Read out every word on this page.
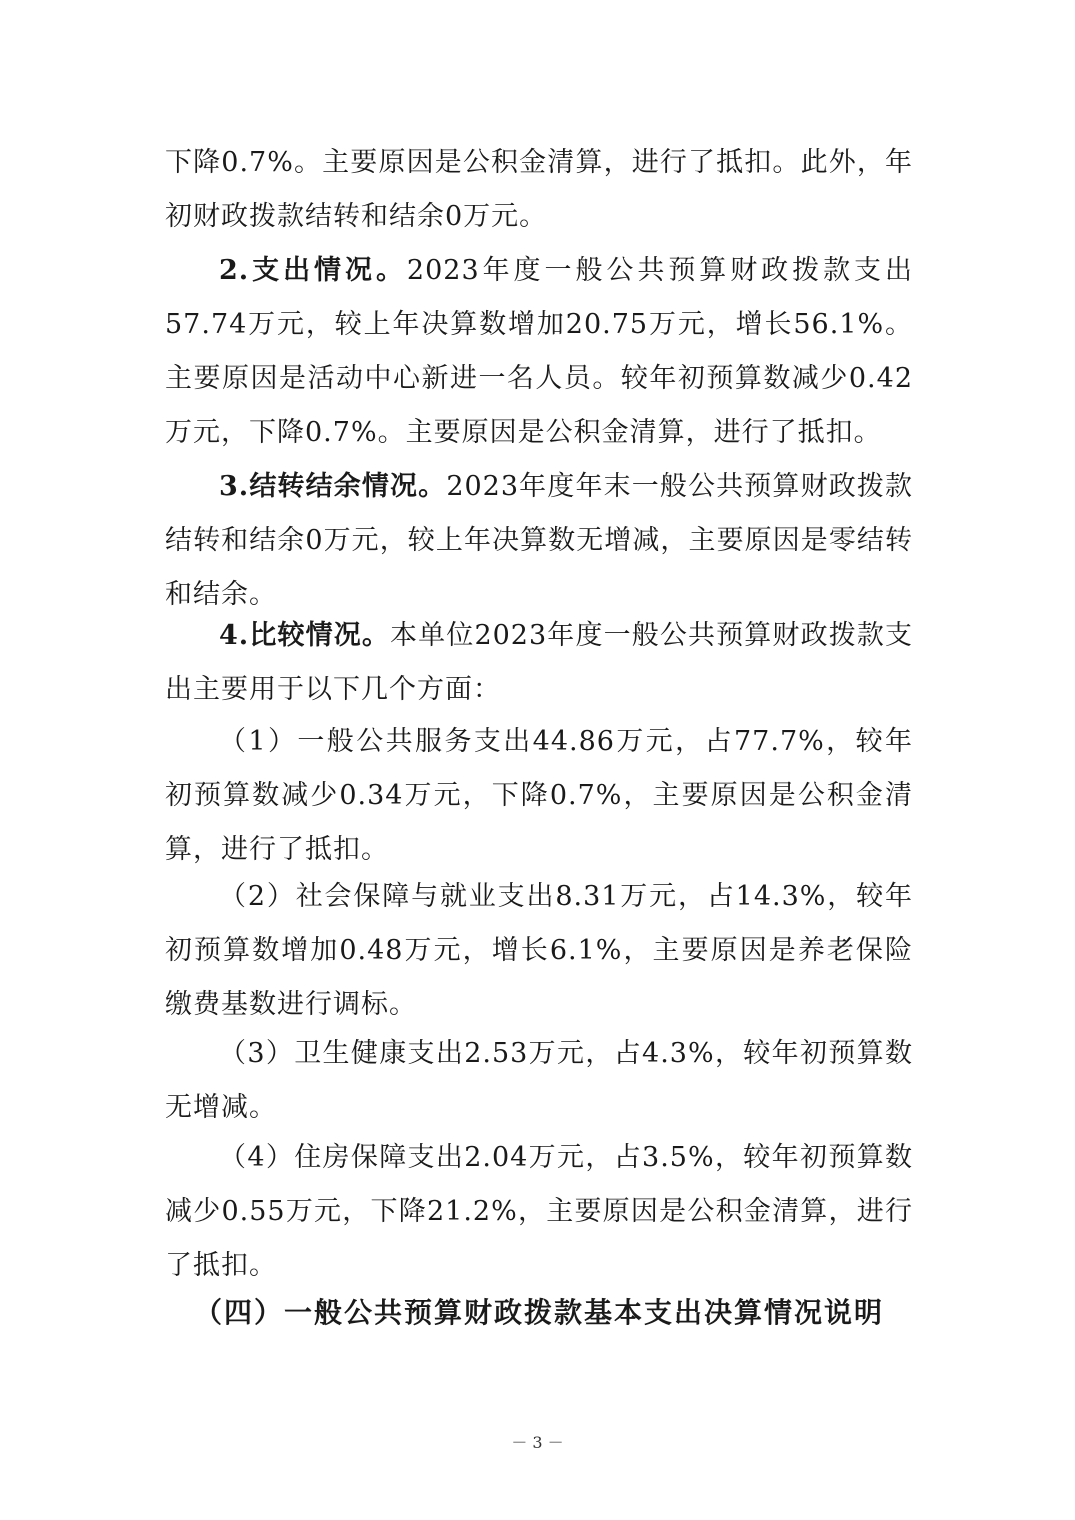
下降0.7%。主要原因是公积金清算，进行了抵扣。此外，年初财政拨款结转和结余0万元。

2.支出情况。2023年度一般公共预算财政拨款支出57.74万元，较上年决算数增加20.75万元，增长56.1%。主要原因是活动中心新进一名人员。较年初预算数减少0.42万元，下降0.7%。主要原因是公积金清算，进行了抵扣。

3.结转结余情况。2023年度年末一般公共预算财政拨款结转和结余0万元，较上年决算数无增减，主要原因是零结转和结余。

4.比较情况。本单位2023年度一般公共预算财政拨款支出主要用于以下几个方面：

（1）一般公共服务支出44.86万元，占77.7%，较年初预算数减少0.34万元，下降0.7%，主要原因是公积金清算，进行了抵扣。

（2）社会保障与就业支出8.31万元，占14.3%，较年初预算数增加0.48万元，增长6.1%，主要原因是养老保险缴费基数进行调标。

（3）卫生健康支出2.53万元，占4.3%，较年初预算数无增减。

（4）住房保障支出2.04万元，占3.5%，较年初预算数减少0.55万元，下降21.2%，主要原因是公积金清算，进行了抵扣。

（四）一般公共预算财政拨款基本支出决算情况说明
－ 3 －
